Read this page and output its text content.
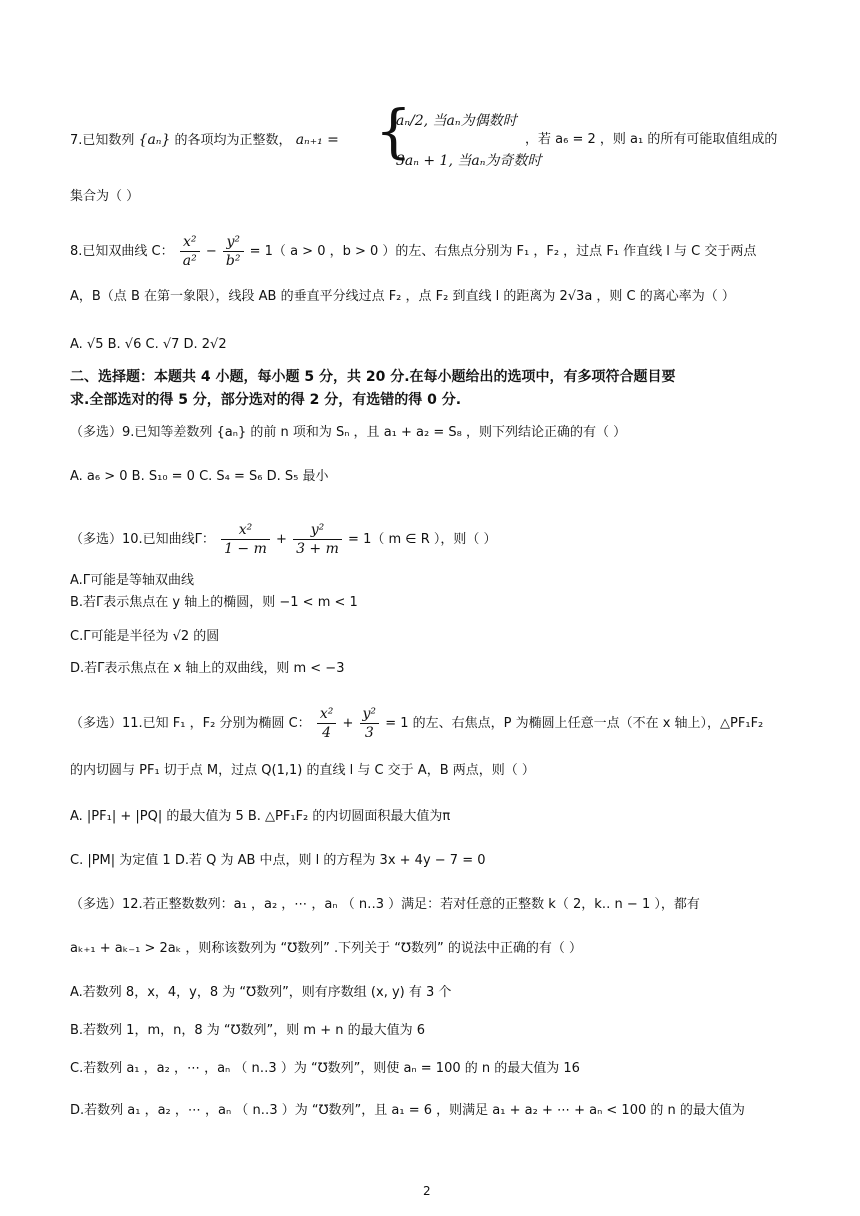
7.已知数列 {aₙ} 的各项均为正整数， aₙ₊₁ = {
aₙ/2, 当aₙ为偶数时
3aₙ + 1, 当aₙ为奇数时
，若 a₆ = 2 ，则 a₁ 的所有可能取值组成的
集合为（ ）
8.已知双曲线 C： $\frac{\text{x²}}{\text{a²}} - \frac{\text{y²}}{\text{b²}} = 1$（ a > 0 ，b > 0 ）的左、右焦点分别为 F₁ ，F₂ ，过点 F₁ 作直线 l 与 C 交于两点
A，B（点 B 在第一象限），线段 AB 的垂直平分线过点 F₂ ，点 F₂ 到直线 l 的距离为 2√3a ，则 C 的离心率为（ ）
A. √5 B. √6 C. √7 D. 2√2
二、选择题：本题共 4 小题，每小题 5 分，共 20 分.在每小题给出的选项中，有多项符合题目要
求.全部选对的得 5 分，部分选对的得 2 分，有选错的得 0 分.
（多选）9.已知等差数列 {aₙ} 的前 n 项和为 Sₙ ，且 a₁ + a₂ = S₈ ，则下列结论正确的有（ ）
A. a₆ > 0 B. S₁₀ = 0 C. S₄ = S₆ D. S₅ 最小
（多选）10.已知曲线Γ： $\frac{\text{x²}}{1 - m} + \frac{\text{y²}}{3 + m} = 1$（ m ∈ R ），则（ ）
A.Γ可能是等轴双曲线
B.若Γ表示焦点在 y 轴上的椭圆，则 −1 < m < 1
C.Γ可能是半径为 √2 的圆
D.若Γ表示焦点在 x 轴上的双曲线，则 m < −3
（多选）11.已知 F₁ ，F₂ 分别为椭圆 C： $\frac{\text{x²}}{4} + \frac{\text{y²}}{3} = 1$ 的左、右焦点，P 为椭圆上任意一点（不在 x 轴上），△PF₁F₂
的内切圆与 PF₁ 切于点 M，过点 Q(1,1) 的直线 l 与 C 交于 A，B 两点，则（ ）
A. |PF₁| + |PQ| 的最大值为 5 B. △PF₁F₂ 的内切圆面积最大值为π
C. |PM| 为定值 1 D.若 Q 为 AB 中点，则 l 的方程为 3x + 4y − 7 = 0
（多选）12.若正整数数列：a₁ ，a₂ ，⋯ ，aₙ （ n‥3 ）满足：若对任意的正整数 k（ 2，k‥ n − 1 ），都有
aₖ₊₁ + aₖ₋₁ > 2aₖ ，则称该数列为 “℧数列” .下列关于 “℧数列” 的说法中正确的有（ ）
A.若数列 8，x，4，y，8 为 “℧数列”，则有序数组 (x, y) 有 3 个
B.若数列 1，m，n，8 为 “℧数列”，则 m + n 的最大值为 6
C.若数列 a₁ ，a₂ ，⋯ ，aₙ （ n‥3 ）为 “℧数列”，则使 aₙ = 100 的 n 的最大值为 16
D.若数列 a₁ ，a₂ ，⋯ ，aₙ （ n‥3 ）为 “℧数列”，且 a₁ = 6 ，则满足 a₁ + a₂ + ⋯ + aₙ < 100 的 n 的最大值为
2
